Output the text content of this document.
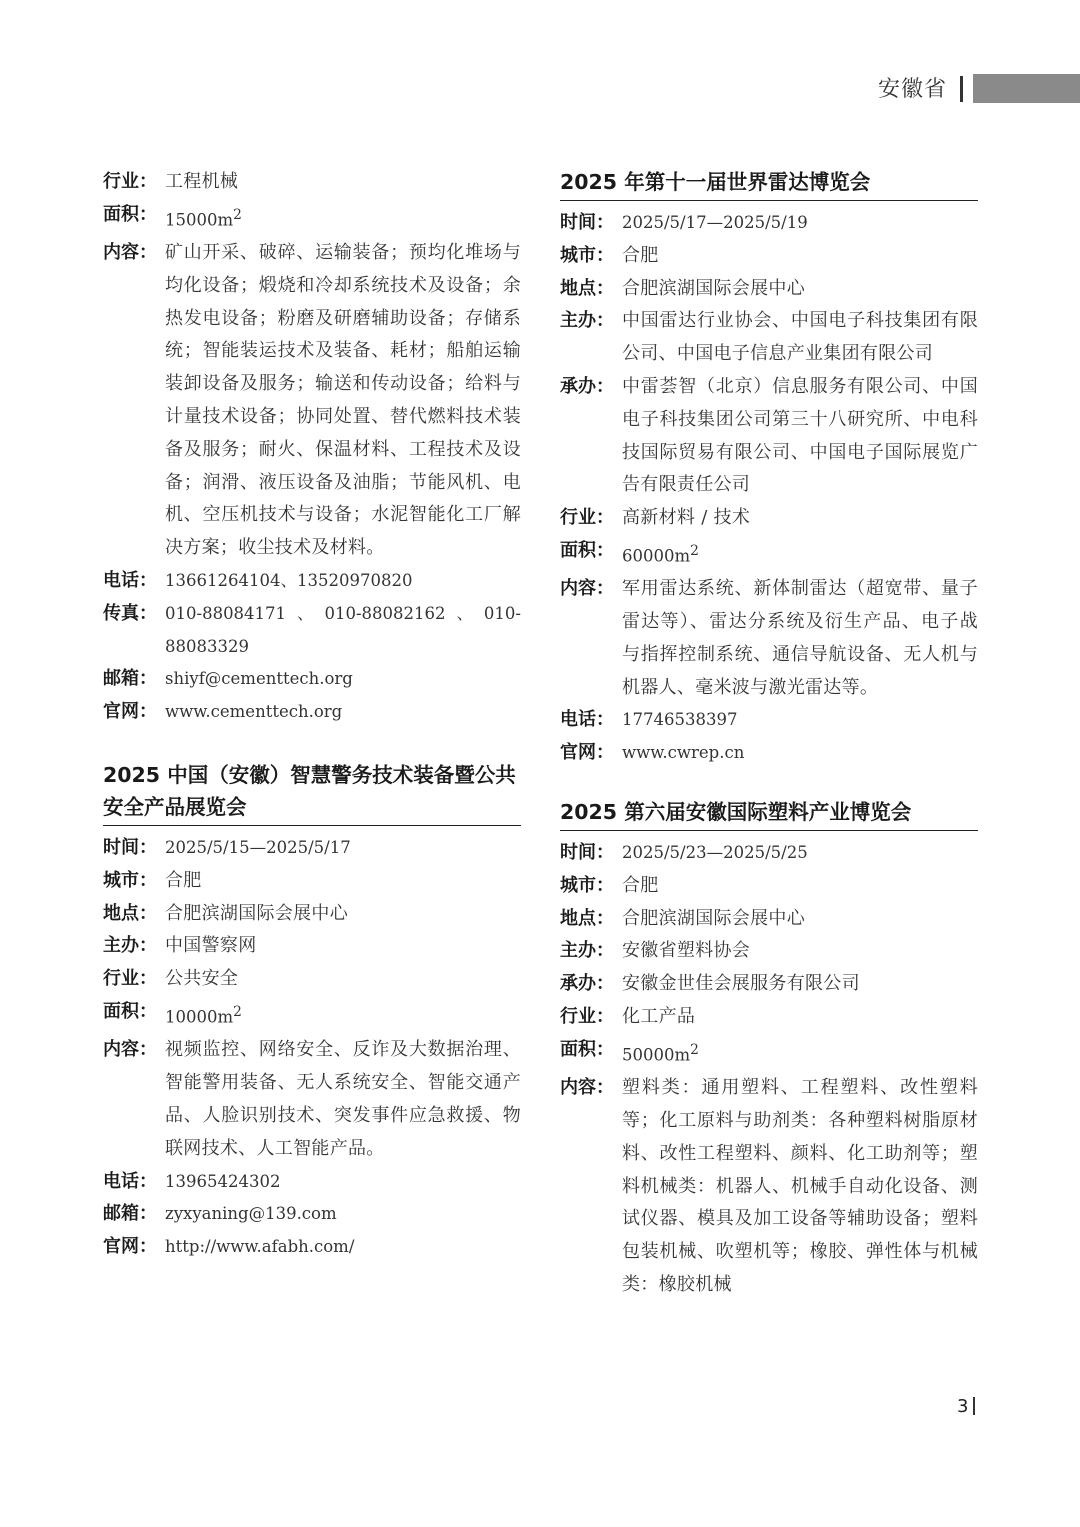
安徽省
行业： 工程机械
面积： $15000m^2$
内容： 矿山开采、破碎、运输装备；预均化堆场与均化设备；煅烧和冷却系统技术及设备；余热发电设备；粉磨及研磨辅助设备；存储系统；智能装运技术及装备、耗材；船舶运输装卸设备及服务；输送和传动设备；给料与计量技术设备；协同处置、替代燃料技术装备及服务；耐火、保温材料、工程技术及设备；润滑、液压设备及油脂；节能风机、电机、空压机技术与设备；水泥智能化工厂解决方案；收尘技术及材料。
电话： 13661264104、13520970820
传真： 010-88084171、010-88082162、010-88083329
邮箱： shiyf@cementtech.org
官网： www.cementtech.org
2025 中国（安徽）智慧警务技术装备暨公共安全产品展览会
时间： 2025/5/15—2025/5/17
城市： 合肥
地点： 合肥滨湖国际会展中心
主办： 中国警察网
行业： 公共安全
面积： $10000m^2$
内容： 视频监控、网络安全、反诈及大数据治理、智能警用装备、无人系统安全、智能交通产品、人脸识别技术、突发事件应急救援、物联网技术、人工智能产品。
电话： 13965424302
邮箱： zyxyaning@139.com
官网： http://www.afabh.com/
2025 年第十一届世界雷达博览会
时间： 2025/5/17—2025/5/19
城市： 合肥
地点： 合肥滨湖国际会展中心
主办： 中国雷达行业协会、中国电子科技集团有限公司、中国电子信息产业集团有限公司
承办： 中雷荟智（北京）信息服务有限公司、中国电子科技集团公司第三十八研究所、中电科技国际贸易有限公司、中国电子国际展览广告有限责任公司
行业： 高新材料 / 技术
面积： $60000m^2$
内容： 军用雷达系统、新体制雷达（超宽带、量子雷达等）、雷达分系统及衍生产品、电子战与指挥控制系统、通信导航设备、无人机与机器人、毫米波与激光雷达等。
电话： 17746538397
官网： www.cwrep.cn
2025 第六届安徽国际塑料产业博览会
时间： 2025/5/23—2025/5/25
城市： 合肥
地点： 合肥滨湖国际会展中心
主办： 安徽省塑料协会
承办： 安徽金世佳会展服务有限公司
行业： 化工产品
面积： $50000m^2$
内容： 塑料类：通用塑料、工程塑料、改性塑料等；化工原料与助剂类：各种塑料树脂原材料、改性工程塑料、颜料、化工助剂等；塑料机械类：机器人、机械手自动化设备、测试仪器、模具及加工设备等辅助设备；塑料包装机械、吹塑机等；橡胶、弹性体与机械类：橡胶机械
3
